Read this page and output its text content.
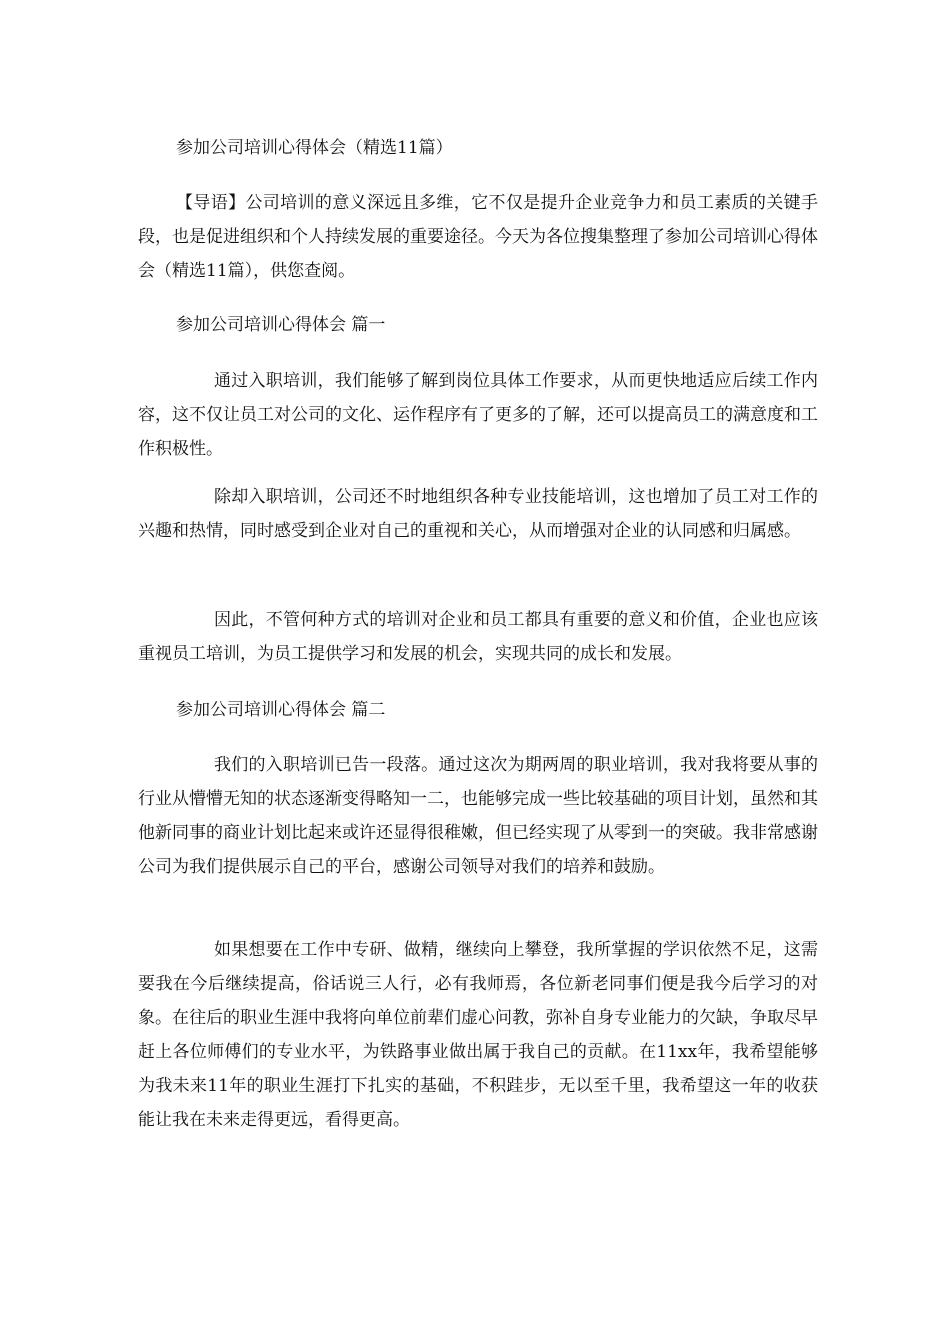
参加公司培训心得体会（精选11篇）

【导语】公司培训的意义深远且多维，它不仅是提升企业竞争力和员工素质的关键手段，也是促进组织和个人持续发展的重要途径。今天为各位搜集整理了参加公司培训心得体会（精选11篇），供您查阅。

参加公司培训心得体会 篇一

通过入职培训，我们能够了解到岗位具体工作要求，从而更快地适应后续工作内容，这不仅让员工对公司的文化、运作程序有了更多的了解，还可以提高员工的满意度和工作积极性。

除却入职培训，公司还不时地组织各种专业技能培训，这也增加了员工对工作的兴趣和热情，同时感受到企业对自己的重视和关心，从而增强对企业的认同感和归属感。

因此，不管何种方式的培训对企业和员工都具有重要的意义和价值，企业也应该重视员工培训，为员工提供学习和发展的机会，实现共同的成长和发展。

参加公司培训心得体会 篇二

我们的入职培训已告一段落。通过这次为期两周的职业培训，我对我将要从事的行业从懵懵无知的状态逐渐变得略知一二，也能够完成一些比较基础的项目计划，虽然和其他新同事的商业计划比起来或许还显得很稚嫩，但已经实现了从零到一的突破。我非常感谢公司为我们提供展示自己的平台，感谢公司领导对我们的培养和鼓励。

如果想要在工作中专研、做精，继续向上攀登，我所掌握的学识依然不足，这需要我在今后继续提高，俗话说三人行，必有我师焉，各位新老同事们便是我今后学习的对象。在往后的职业生涯中我将向单位前辈们虚心问教，弥补自身专业能力的欠缺，争取尽早赶上各位师傅们的专业水平，为铁路事业做出属于我自己的贡献。在11xx年，我希望能够为我未来11年的职业生涯打下扎实的基础，不积跬步，无以至千里，我希望这一年的收获能让我在未来走得更远，看得更高。
